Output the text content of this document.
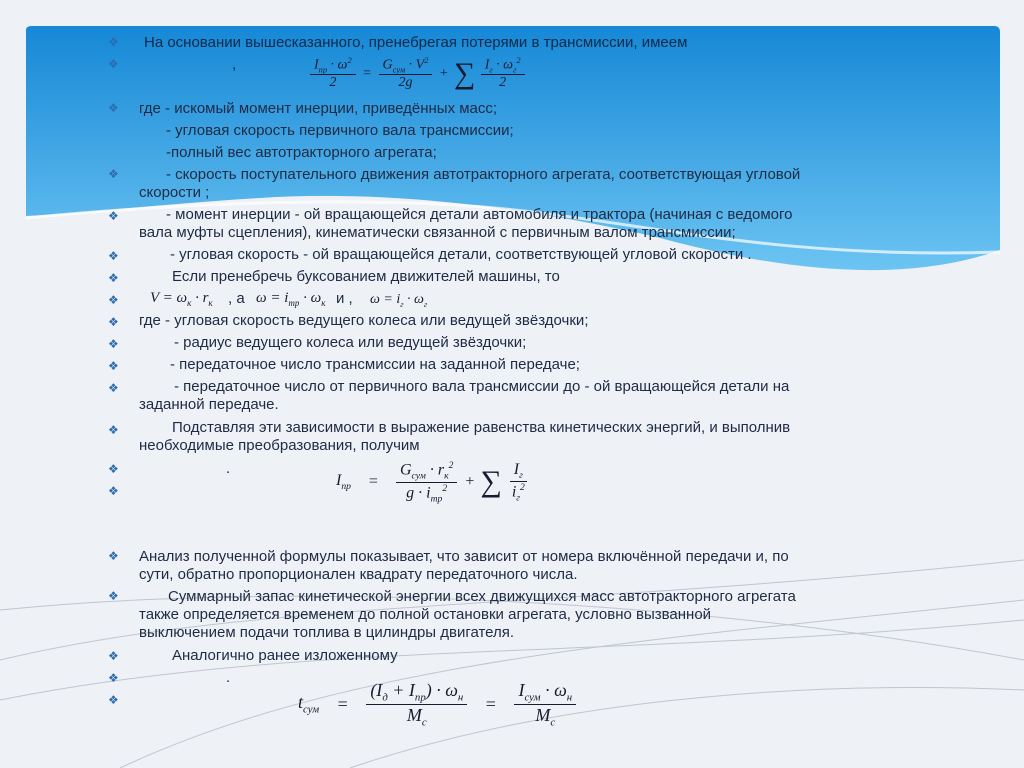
❖
❖
❖
❖
❖
❖
❖
❖
❖
❖
❖
❖
❖
❖
❖
❖
❖
❖
❖
❖
На основании вышесказанного, пренебрегая потерями в трансмиссии, имеем
,
где - искомый момент инерции, приведённых масс;
- угловая скорость первичного вала трансмиссии;
-полный вес автотракторного агрегата;
- скорость поступательного движения автотракторного агрегата, соответствующая угловой
скорости ;
- момент инерции - ой вращающейся детали автомобиля и трактора (начиная с ведомого
вала муфты сцепления), кинематически связанной с первичным валом трансмиссии;
- угловая скорость - ой вращающейся детали, соответствующей угловой скорости .
Если пренебречь буксованием движителей машины, то
$V = \omega_к \cdot r_к$ , а $\omega = i_{тр} \cdot \omega_к$ и , $\omega = i_г \cdot \omega_г$
где - угловая скорость ведущего колеса или ведущей звёздочки;
- радиус ведущего колеса или ведущей звёздочки;
- передаточное число трансмиссии на заданной передаче;
- передаточное число от первичного вала трансмиссии до - ой вращающейся детали на
заданной передаче.
Подставляя эти зависимости в выражение равенства кинетических энергий, и выполнив
необходимые преобразования, получим
.
Анализ полученной формулы показывает, что зависит от номера включённой передачи и, по
сути, обратно пропорционален квадрату передаточного числа.
Суммарный запас кинетической энергии всех движущихся масс автотракторного агрегата
также определяется временем до полной остановки агрегата, условно вызванной
выключением подачи топлива в цилиндры двигателя.
Аналогично ранее изложенному
.
$\frac{I_{пр} \cdot \omega^2}{2} = \frac{G_{сум} \cdot V^2}{2g}$ + ∑ $\frac{I_г \cdot \omega_г^2}{2}$
$I_{пр} = \frac{G_{сум} \cdot r_к^2}{g \cdot i_{тр}^2}$ + ∑ $\frac{I_г}{i_г^2}$
$t_{сум} = \frac{(I_д + I_{пр}) \cdot \omega_н}{M_с} = \frac{I_{сум} \cdot \omega_н}{M_с}$
